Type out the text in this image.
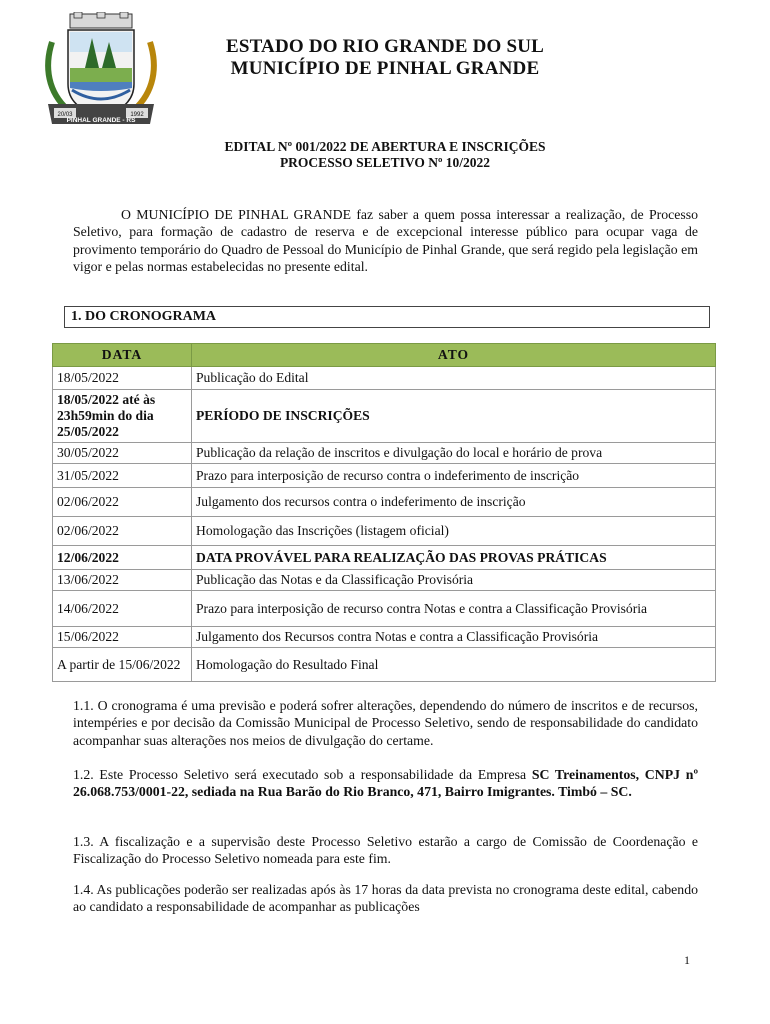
20/03	1992
PINHAL GRANDE - RS
ESTADO DO RIO GRANDE DO SUL
MUNICÍPIO DE PINHAL GRANDE
EDITAL Nº 001/2022 DE ABERTURA E INSCRIÇÕES
PROCESSO SELETIVO Nº 10/2022
O MUNICÍPIO DE PINHAL GRANDE faz saber a quem possa interessar a realização, de Processo Seletivo, para formação de cadastro de reserva e de excepcional interesse público para ocupar vaga de provimento temporário do Quadro de Pessoal do Município de Pinhal Grande, que será regido pela legislação em vigor e pelas normas estabelecidas no presente edital.
1. DO CRONOGRAMA
DATA	ATO
18/05/2022	Publicação do Edital
18/05/2022 até às 23h59min do dia 25/05/2022	PERÍODO DE INSCRIÇÕES
30/05/2022	Publicação da relação de inscritos e divulgação do local e horário de prova
31/05/2022	Prazo para interposição de recurso contra o indeferimento de inscrição
02/06/2022	Julgamento dos recursos contra o indeferimento de inscrição
02/06/2022	Homologação das Inscrições (listagem oficial)
12/06/2022	DATA PROVÁVEL PARA REALIZAÇÃO DAS PROVAS PRÁTICAS
13/06/2022	Publicação das Notas e da Classificação Provisória
14/06/2022	Prazo para interposição de recurso contra Notas e contra a Classificação Provisória
15/06/2022	Julgamento dos Recursos contra Notas e contra a Classificação Provisória
A partir de 15/06/2022	Homologação do Resultado Final
1.1. O cronograma é uma previsão e poderá sofrer alterações, dependendo do número de inscritos e de recursos, intempéries e por decisão da Comissão Municipal de Processo Seletivo, sendo de responsabilidade do candidato acompanhar suas alterações nos meios de divulgação do certame.
1.2. Este Processo Seletivo será executado sob a responsabilidade da Empresa SC Treinamentos, CNPJ nº 26.068.753/0001-22, sediada na Rua Barão do Rio Branco, 471, Bairro Imigrantes. Timbó – SC.
1.3. A fiscalização e a supervisão deste Processo Seletivo estarão a cargo de Comissão de Coordenação e Fiscalização do Processo Seletivo nomeada para este fim.
1.4. As publicações poderão ser realizadas após às 17 horas da data prevista no cronograma deste edital, cabendo ao candidato a responsabilidade de acompanhar as publicações
1
